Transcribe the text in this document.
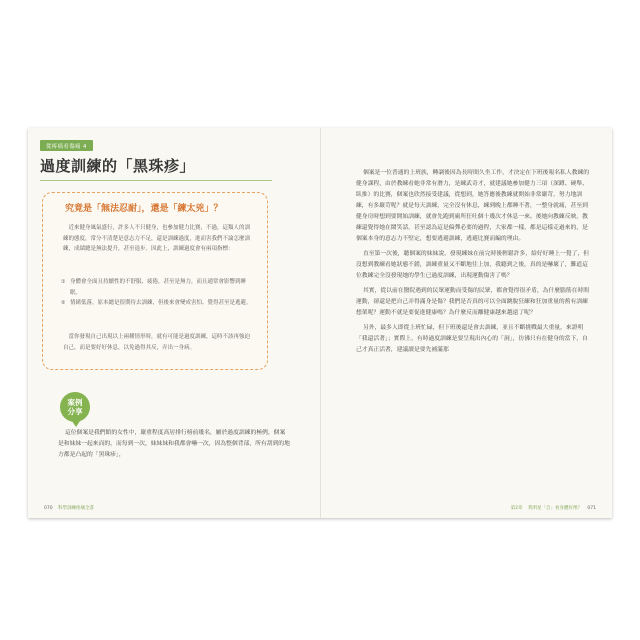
從疼痛看傷痛 4
過度訓練的「黑珠疹」
究竟是「無法忍耐」，還是「練太兇」？

近來健身風氣盛行，許多人不只健身，也參加健力比賽，不過，這類人的訓練的態度，常分不清楚是意志力不足，還是訓練過度，進而害我們不論怎麼訓練，成績總是無法提升，甚至退步。因此上，訓練過度會有兩項指標：

① 身體會全面且持續性的不舒服、疲倦，甚至是無力，而且通常會影響到睡眠。
② 情緒低落，原本總是很期待去訓練，但後來會變成害怕、覺得甚至是逃避。
當你發現自己出現以上兩種情形時，就有可能是過度訓練，這時不該再強迫自己，而是要好好休息，以免過得其反，弄出一身病。
案例分享

這位個案是我們館的女性中，嚴重程度高居排行榜前幾名，屬於過度訓練的極例，個案是和妹妹一起來而的，而每到一次，妹妹妹和我都會嚇一次，因為整個背部，所有刮到的地方都是凸起的「黑珠疹」，

070 科學訓練疼痛全書

個案是一位普通的上班族，轉調後因為長時間久坐工作，才決定在下班後報名私人教練的健身課程，由於教練看她非常有潛力，是練武奇才，就建議她參加健力三項（深蹲、硬舉、臥推）的比賽，個案也欣然接受建議，從想到，她答應後教練就開始非常嚴苛，努力地訓練，有多嚴苛呢？就是每天訓練，完全沒有休息，練到晚上都睡不著，一整身就痛，甚至到健身房時想到要開始訓練，就會先跑到廁所狂吐個十幾次才休息一來。後她向教練反映，教練還覺得她在鬧笑話，甚至認為這是偏彈必要的過程，大家都一樣，都是這樣走過來的，是個案本身的意志力不堅定，想要逃避訓練，逃避比賽而編的理由。

直至第一次後，聽個案的妹妹說，發現練妹在前完時後輕鬆許多，給好好睡上一覺了，但沒想到教練看她狀態不錯，訓練重量又不斷地往上加，我聽到之後，真的是嚇壞了，難道這位教練完全沒發現她的學生已過度訓練，出現運動傷害了嗎？

其實，從以前在醫院遇到的民眾運動而受傷的民眾，都會覺得很矛盾，為什麼腦筋在時間運動，卻還是把自己弄得滿身是傷？我們是否真的可以全面跳脫狂練和狂加重量的舊有訓練想架呢？運動不就是要促進健康嗎？為什麼反而離健康越來越遠了呢？

另外，最多人即從上班忙碌，但下班後還是會去訓練，並且不斷挑戰最大重量，來證明「我還活著」；實際上，有時過度訓練是要呈現出內心的「洞」，彷彿只有在健身的當下，自己才真正活著，建議讀是要先補滿那

第2章 我明星「自」看身體好像？ 071
